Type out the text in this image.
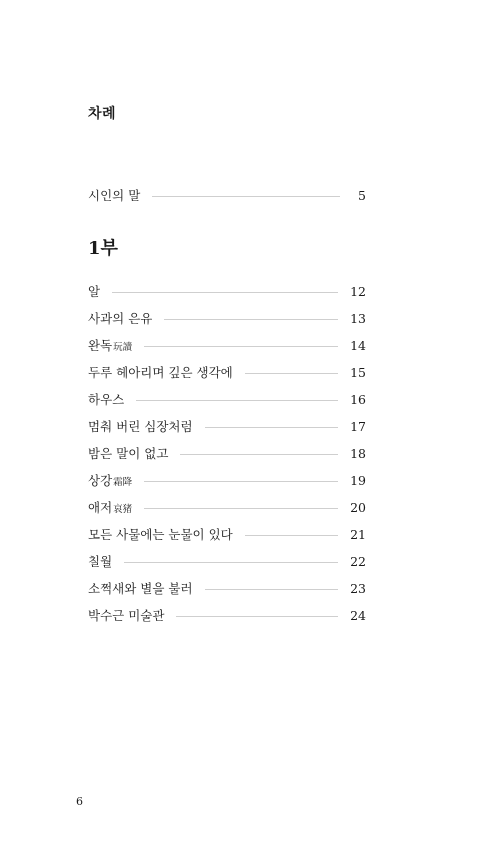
차례
시인의 말	5
1부
알	12
사과의 은유	13
완독玩讀	14
두루 헤아리며 깊은 생각에	15
하우스	16
멈춰 버린 심장처럼	17
밤은 말이 없고	18
상강霜降	19
애저哀猪	20
모든 사물에는 눈물이 있다	21
칠월	22
소쩍새와 별을 불러	23
박수근 미술관	24
6
